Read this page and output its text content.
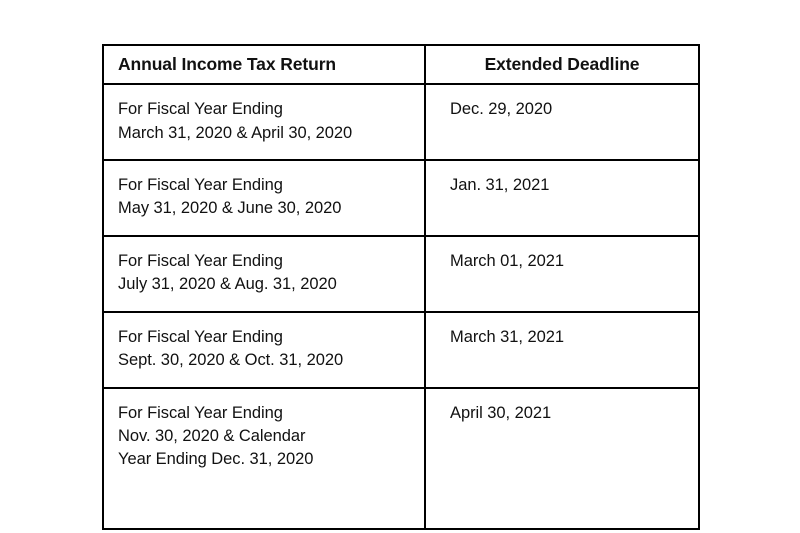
Annual Income Tax Return	Extended Deadline

For Fiscal Year Ending
March 31, 2020 & April 30, 2020	Dec. 29, 2020

For Fiscal Year Ending
May 31, 2020 & June 30, 2020	Jan. 31, 2021

For Fiscal Year Ending
July 31, 2020 & Aug. 31, 2020	March 01, 2021

For Fiscal Year Ending
Sept. 30, 2020 & Oct. 31, 2020	March 31, 2021

For Fiscal Year Ending
Nov. 30, 2020 & Calendar
Year Ending Dec. 31, 2020	April 30, 2021
